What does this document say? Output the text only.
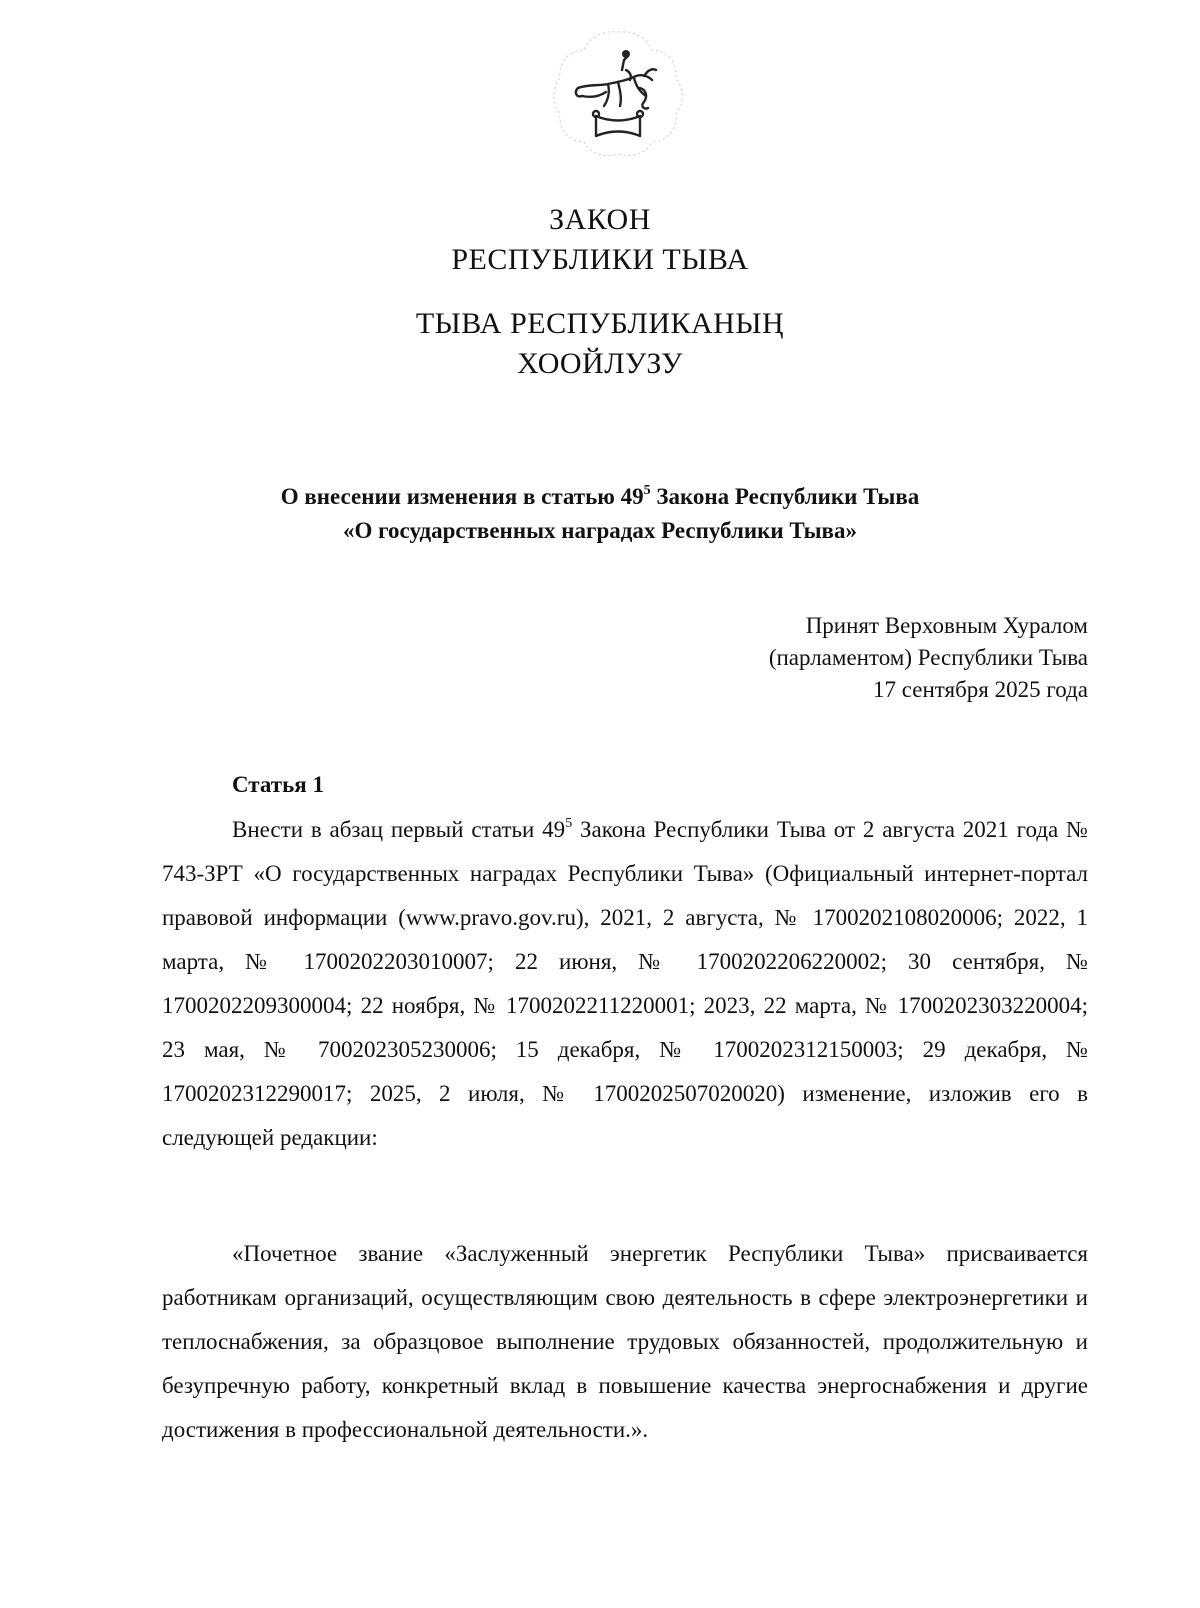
ЗАКОН
РЕСПУБЛИКИ ТЫВА
ТЫВА РЕСПУБЛИКАНЫҢ
ХООЙЛУЗУ
О внесении изменения в статью $49^5$ Закона Республики Тыва
«О государственных наградах Республики Тыва»
Принят Верховным Хуралом
(парламентом) Республики Тыва
17 сентября 2025 года
Статья 1

Внести в абзац первый статьи $49^5$ Закона Республики Тыва от 2 августа 2021 года № 743-ЗРТ «О государственных наградах Республики Тыва» (Официальный интернет-портал правовой информации (www.pravo.gov.ru), 2021, 2 августа, № 1700202108020006; 2022, 1 марта, № 1700202203010007; 22 июня, № 1700202206220002; 30 сентября, № 1700202209300004; 22 ноября, № 1700202211220001; 2023, 22 марта, № 1700202303220004; 23 мая, № 700202305230006; 15 декабря, № 1700202312150003; 29 декабря, № 1700202312290017; 2025, 2 июля, № 1700202507020020) изменение, изложив его в следующей редакции:

«Почетное звание «Заслуженный энергетик Республики Тыва» присваивается работникам организаций, осуществляющим свою деятельность в сфере электроэнергетики и теплоснабжения, за образцовое выполнение трудовых обязанностей, продолжительную и безупречную работу, конкретный вклад в повышение качества энергоснабжения и другие достижения в профессиональной деятельности.».
